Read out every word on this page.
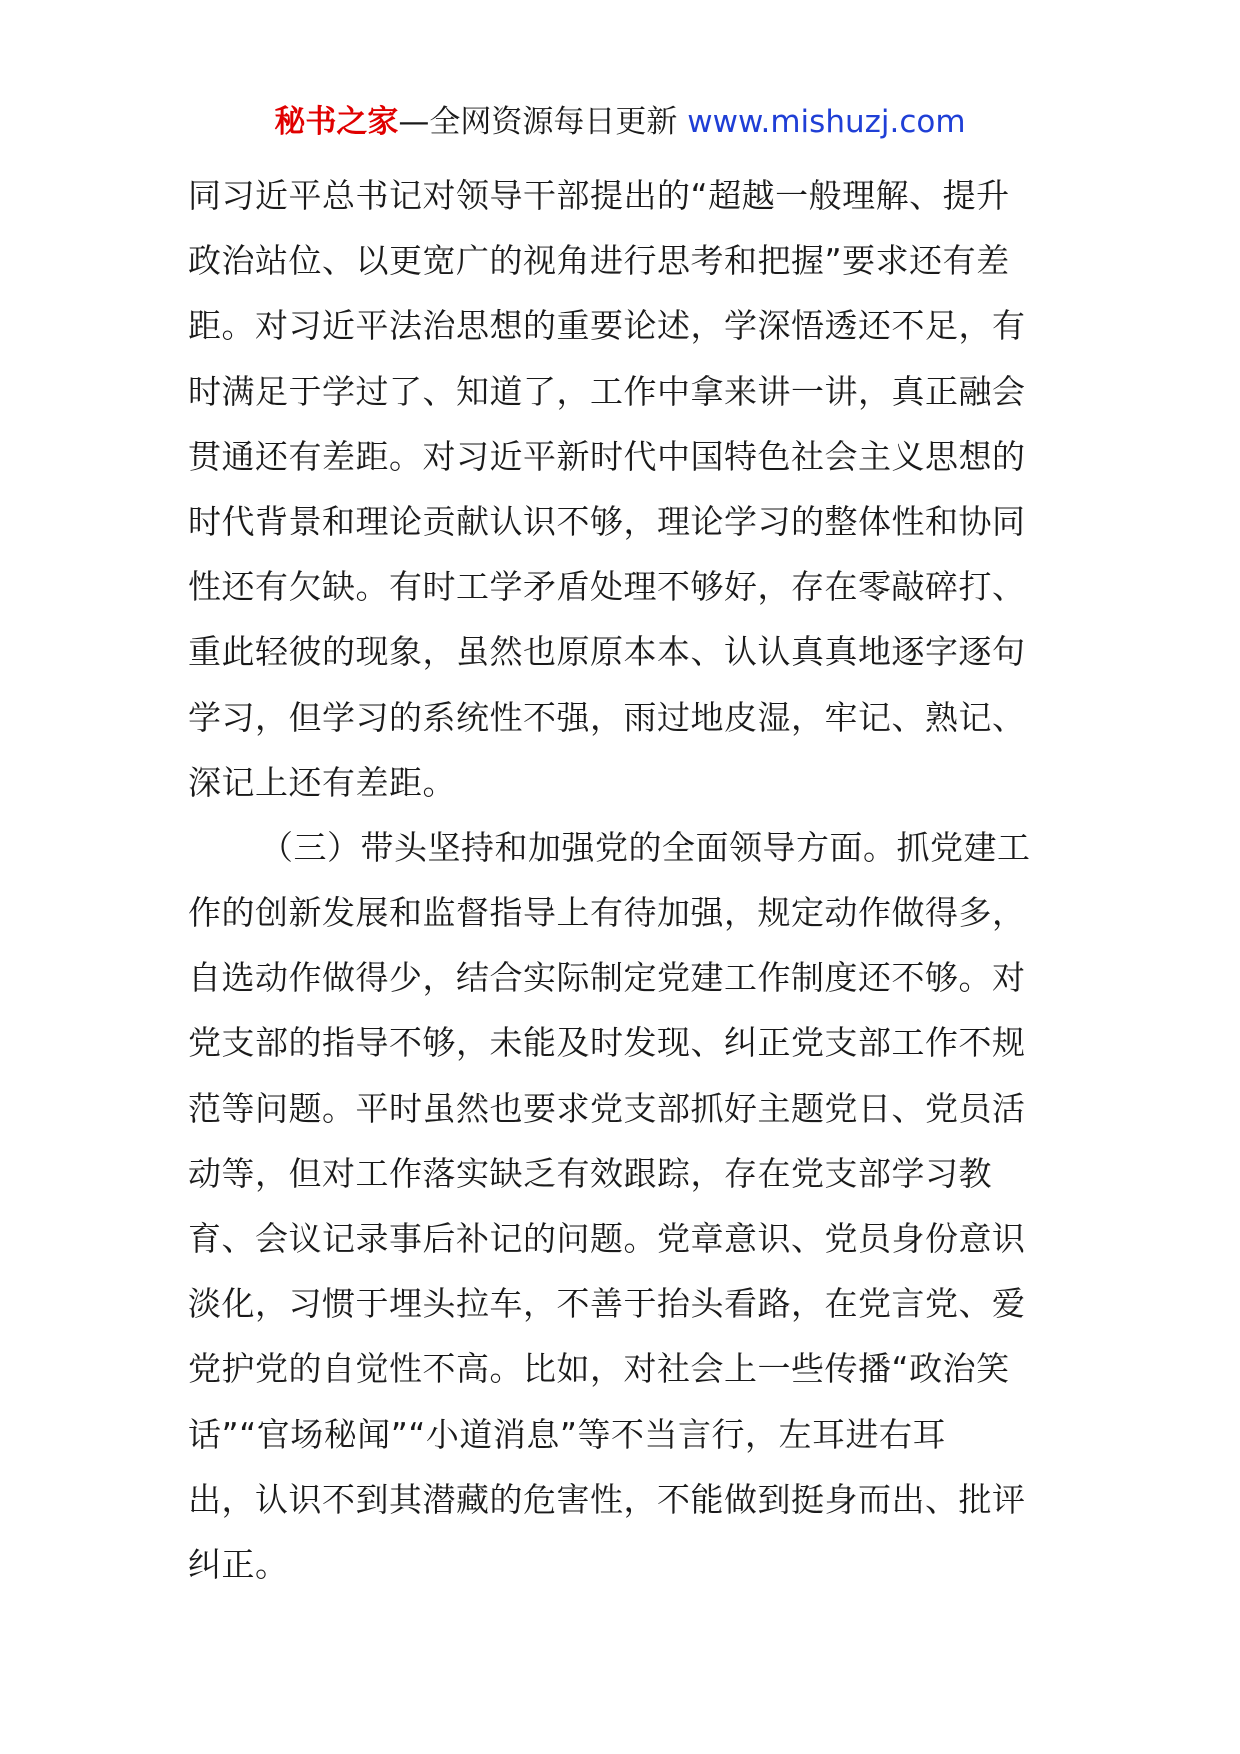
秘书之家—全网资源每日更新 www.mishuzj.com
同习近平总书记对领导干部提出的“超越一般理解、提升
政治站位、以更宽广的视角进行思考和把握”要求还有差
距。对习近平法治思想的重要论述，学深悟透还不足，有
时满足于学过了、知道了，工作中拿来讲一讲，真正融会
贯通还有差距。对习近平新时代中国特色社会主义思想的
时代背景和理论贡献认识不够，理论学习的整体性和协同
性还有欠缺。有时工学矛盾处理不够好，存在零敲碎打、
重此轻彼的现象，虽然也原原本本、认认真真地逐字逐句
学习，但学习的系统性不强，雨过地皮湿，牢记、熟记、
深记上还有差距。
（三）带头坚持和加强党的全面领导方面。抓党建工
作的创新发展和监督指导上有待加强，规定动作做得多，
自选动作做得少，结合实际制定党建工作制度还不够。对
党支部的指导不够，未能及时发现、纠正党支部工作不规
范等问题。平时虽然也要求党支部抓好主题党日、党员活
动等，但对工作落实缺乏有效跟踪，存在党支部学习教
育、会议记录事后补记的问题。党章意识、党员身份意识
淡化，习惯于埋头拉车，不善于抬头看路，在党言党、爱
党护党的自觉性不高。比如，对社会上一些传播“政治笑
话”“官场秘闻”“小道消息”等不当言行，左耳进右耳
出，认识不到其潜藏的危害性，不能做到挺身而出、批评
纠正。
